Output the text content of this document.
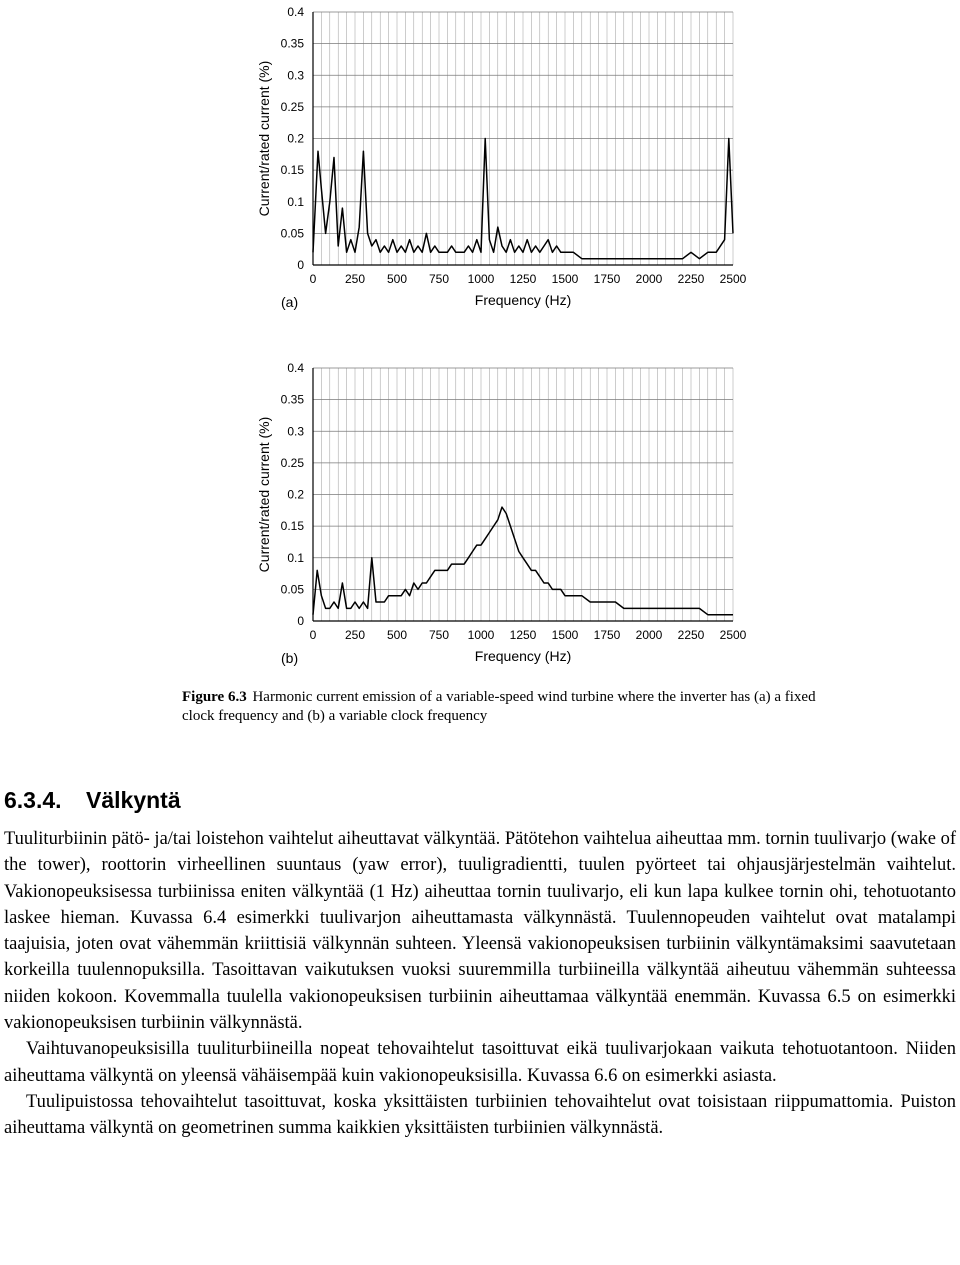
0
0.05
0.1
0.15
0.2
0.25
0.3
0.35
0.4
0 250 500 750 1000 1250 1500 1750 2000 2250 2500
Frequency (Hz)
Current/rated current (%)
(a)
0
0.05
0.1
0.15
0.2
0.25
0.3
0.35
0.4
0 250 500 750 1000 1250 1500 1750 2000 2250 2500
Frequency (Hz)
Current/rated current (%)
(b)
Figure 6.3 Harmonic current emission of a variable-speed wind turbine where the inverter has (a) a fixed clock frequency and (b) a variable clock frequency
6.3.4. Välkyntä

Tuuliturbiinin pätö- ja/tai loistehon vaihtelut aiheuttavat välkyntää. Pätötehon vaihtelua aiheuttaa mm. tornin tuulivarjo (wake of the tower), roottorin virheellinen suuntaus (yaw error), tuuligradientti, tuulen pyörteet tai ohjausjärjestelmän vaihtelut. Vakionopeuksisessa turbiinissa eniten välkyntää (1 Hz) aiheuttaa tornin tuulivarjo, eli kun lapa kulkee tornin ohi, tehotuotanto laskee hieman. Kuvassa 6.4 esimerkki tuulivarjon aiheuttamasta välkynnästä. Tuulennopeuden vaihtelut ovat matalampi taajuisia, joten ovat vähemmän kriittisiä välkynnän suhteen. Yleensä vakionopeuksisen turbiinin välkyntämaksimi saavutetaan korkeilla tuulennopuksilla. Tasoittavan vaikutuksen vuoksi suuremmilla turbiineilla välkyntää aiheutuu vähemmän suhteessa niiden kokoon. Kovemmalla tuulella vakionopeuksisen turbiinin aiheuttamaa välkyntää enemmän. Kuvassa 6.5 on esimerkki vakionopeuksisen turbiinin välkynnästä.

Vaihtuvanopeuksisilla tuuliturbiineilla nopeat tehovaihtelut tasoittuvat eikä tuulivarjokaan vaikuta tehotuotantoon. Niiden aiheuttama välkyntä on yleensä vähäisempää kuin vakionopeuksisilla. Kuvassa 6.6 on esimerkki asiasta.

Tuulipuistossa tehovaihtelut tasoittuvat, koska yksittäisten turbiinien tehovaihtelut ovat toisistaan riippumattomia. Puiston aiheuttama välkyntä on geometrinen summa kaikkien yksittäisten turbiinien välkynnästä.
